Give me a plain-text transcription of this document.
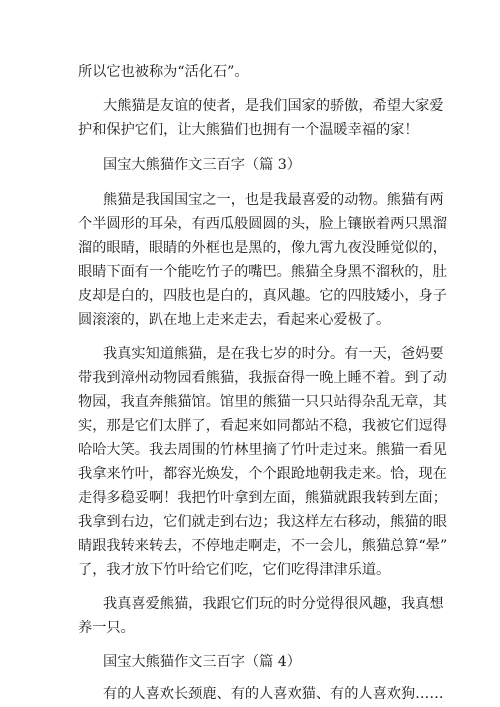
所以它也被称为“活化石”。
大熊猫是友谊的使者，是我们国家的骄傲，希望大家爱
护和保护它们，让大熊猫们也拥有一个温暖幸福的家！
国宝大熊猫作文三百字（篇 3）
熊猫是我国国宝之一，也是我最喜爱的动物。熊猫有两
个半圆形的耳朵，有西瓜般圆圆的头，脸上镶嵌着两只黑溜
溜的眼睛，眼睛的外框也是黑的，像九霄九夜没睡觉似的，
眼睛下面有一个能吃竹子的嘴巴。熊猫全身黑不溜秋的，肚
皮却是白的，四肢也是白的，真风趣。它的四肢矮小，身子
圆滚滚的，趴在地上走来走去，看起来心爱极了。
我真实知道熊猫，是在我七岁的时分。有一天，爸妈要
带我到漳州动物园看熊猫，我振奋得一晚上睡不着。到了动
物园，我直奔熊猫馆。馆里的熊猫一只只站得杂乱无章，其
实，那是它们太胖了，看起来如同都站不稳，我被它们逗得
哈哈大笑。我去周围的竹林里摘了竹叶走过来。熊猫一看见
我拿来竹叶，都容光焕发，个个跟跄地朝我走来。恰，现在
走得多稳妥啊！我把竹叶拿到左面，熊猫就跟我转到左面；
我拿到右边，它们就走到右边；我这样左右移动，熊猫的眼
睛跟我转来转去，不停地走啊走，不一会儿，熊猫总算“晕”
了，我才放下竹叶给它们吃，它们吃得津津乐道。
我真喜爱熊猫，我跟它们玩的时分觉得很风趣，我真想
养一只。
国宝大熊猫作文三百字（篇 4）
有的人喜欢长颈鹿、有的人喜欢猫、有的人喜欢狗……
